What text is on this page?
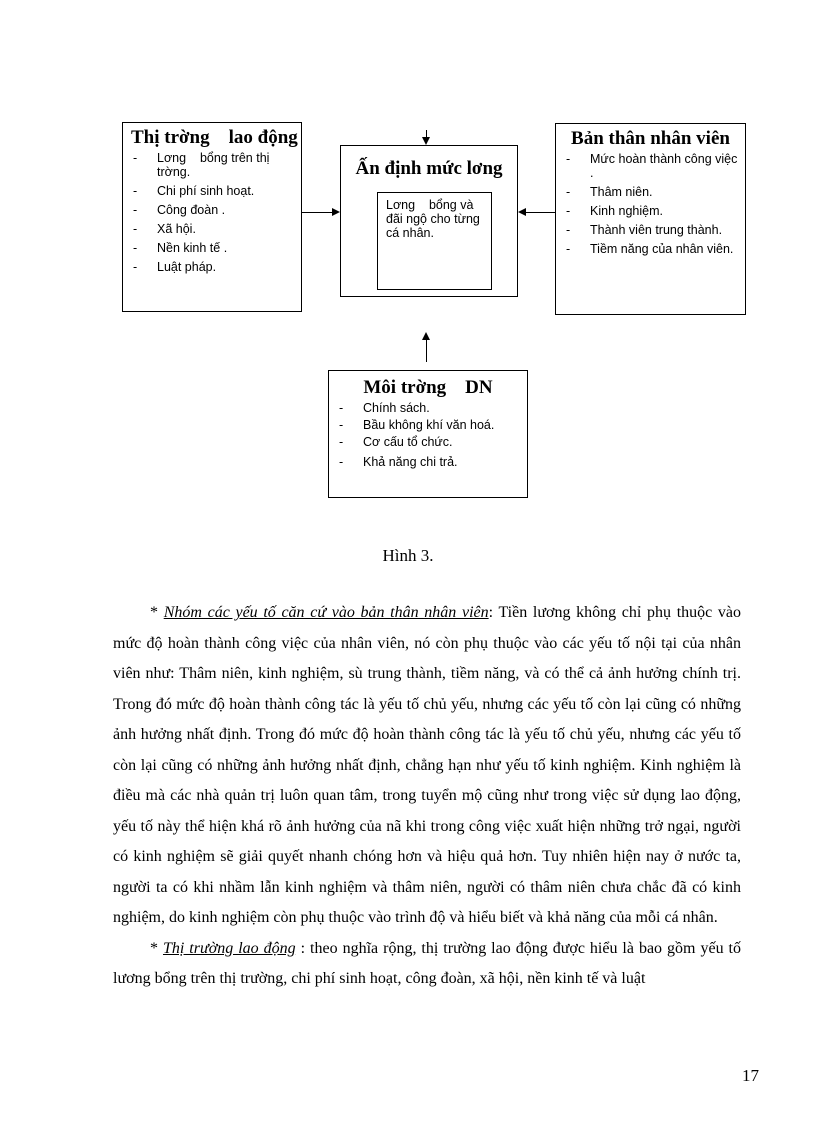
Thị trờng    lao động
- Lơng    bổng trên thị trờng.
- Chi phí sinh hoạt.
- Công đoàn .
- Xã hội.
- Nền kinh tế .
- Luật pháp.
Ấn định mức lơng
Lơng    bổng và đãi ngộ cho từng cá nhân.
Bản thân nhân viên
- Mức hoàn thành công việc .
- Thâm niên.
- Kinh nghiệm.
- Thành viên trung thành.
- Tiềm năng của nhân viên.
Môi trờng    DN
- Chính sách.
- Bầu không khí văn hoá.
- Cơ cấu tổ chức.
- Khả năng chi trả.
Hình 3.

* Nhóm các yếu tố căn cứ vào bản thân nhân viên: Tiền lương không chỉ phụ thuộc vào mức độ hoàn thành công việc của nhân viên, nó còn phụ thuộc vào các yếu tố nội tại của nhân viên như: Thâm niên, kinh nghiệm, sù trung thành, tiềm năng, và có thể cả ảnh hưởng chính trị. Trong đó mức độ hoàn thành công tác là yếu tố chủ yếu, nhưng các yếu tố còn lại cũng có những ảnh hưởng nhất định. Trong đó mức độ hoàn thành công tác là yếu tố chủ yếu, nhưng các yếu tố còn lại cũng có những ảnh hưởng nhất định, chẳng hạn như yếu tố kinh nghiệm. Kinh nghiệm là điều mà các nhà quản trị luôn quan tâm, trong tuyển mộ cũng như trong việc sử dụng lao động, yếu tố này thể hiện khá rõ ảnh hưởng của nã khi trong công việc xuất hiện những trở ngại, người có kinh nghiệm sẽ giải quyết nhanh chóng hơn và hiệu quả hơn. Tuy nhiên hiện nay ở nước ta, người ta có khi nhầm lẫn kinh nghiệm và thâm niên, người có thâm niên chưa chắc đã có kinh nghiệm, do kinh nghiệm còn phụ thuộc vào trình độ và hiểu biết và khả năng của mỗi cá nhân.

* Thị trường lao động : theo nghĩa rộng, thị trường lao động được hiểu là bao gồm yếu tố lương bổng trên thị trường, chi phí sinh hoạt, công đoàn, xã hội, nền kinh tế và luật

17
